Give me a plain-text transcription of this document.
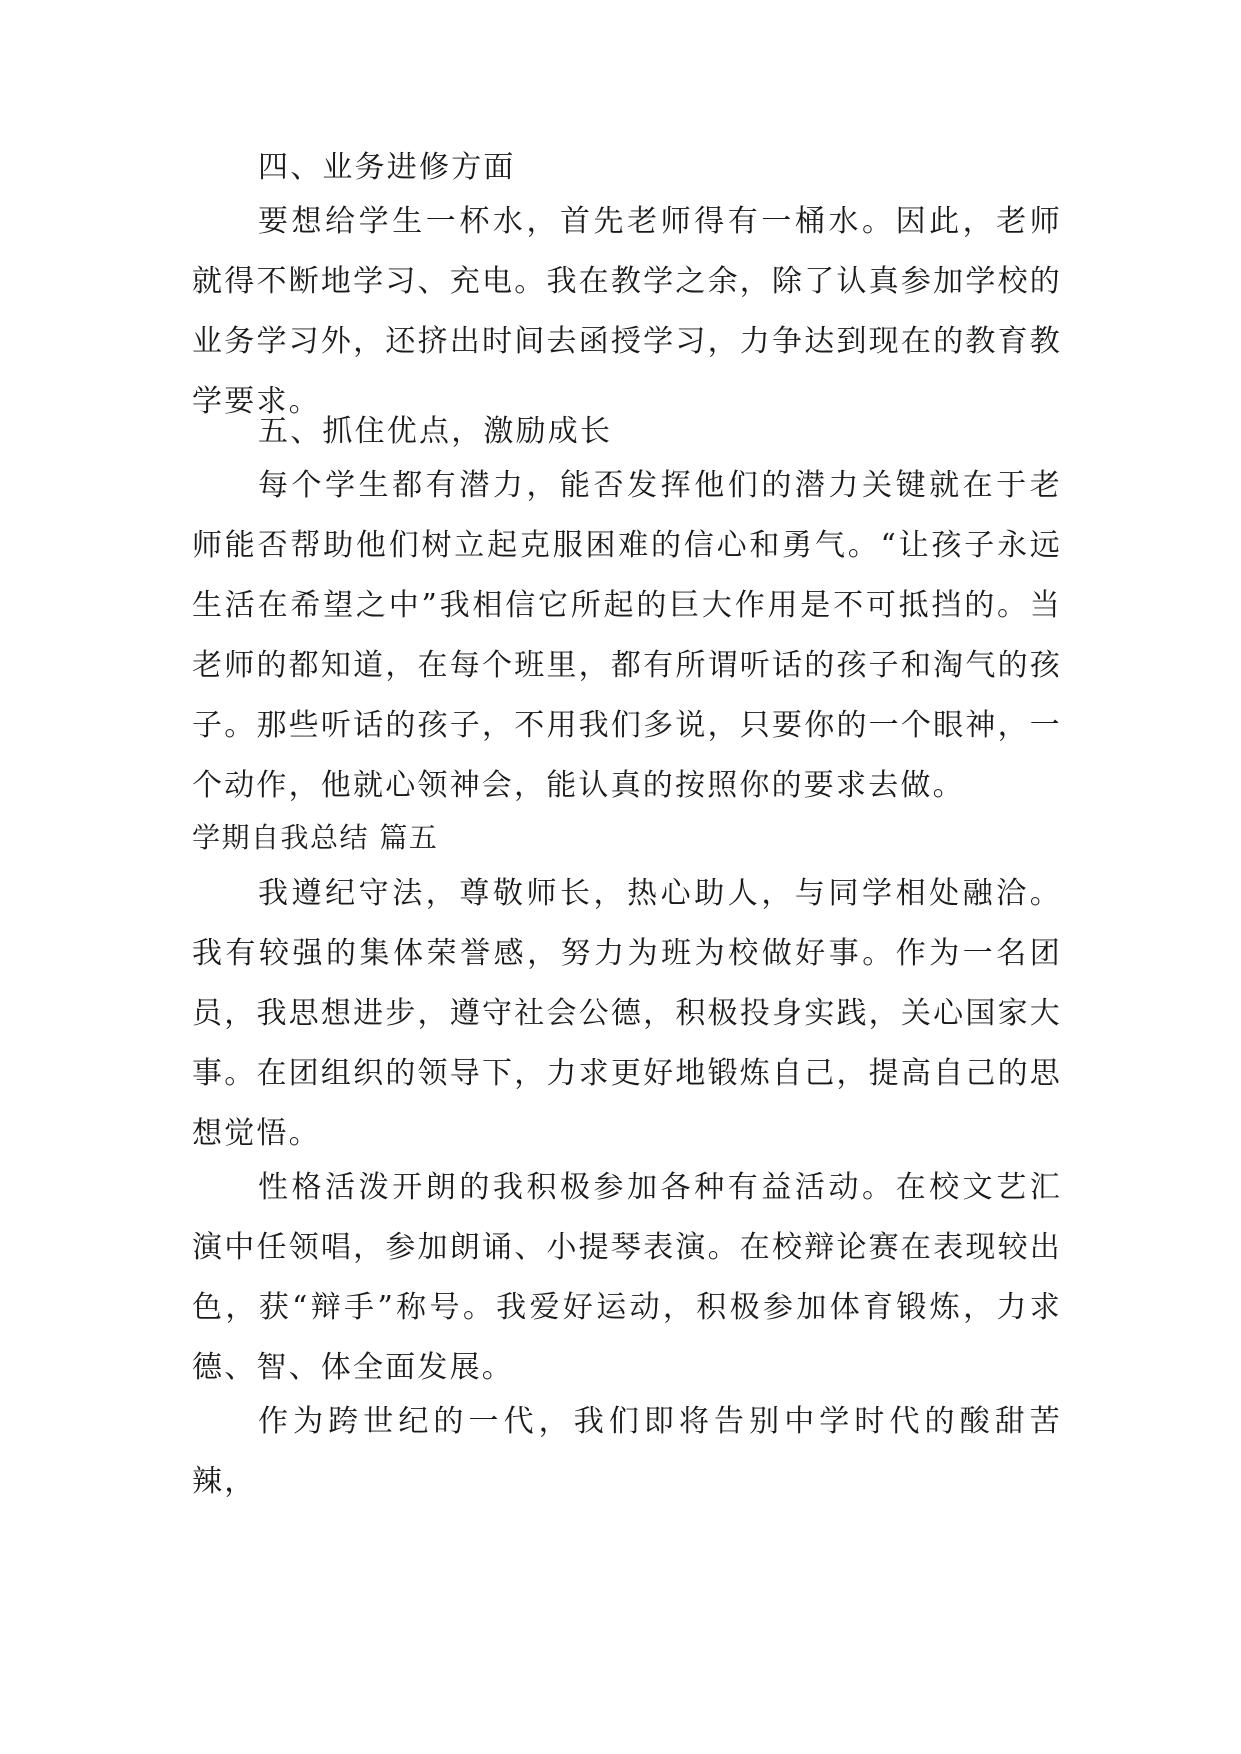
四、业务进修方面

要想给学生一杯水，首先老师得有一桶水。因此，老师就得不断地学习、充电。我在教学之余，除了认真参加学校的业务学习外，还挤出时间去函授学习，力争达到现在的教育教学要求。

五、抓住优点，激励成长

每个学生都有潜力，能否发挥他们的潜力关键就在于老师能否帮助他们树立起克服困难的信心和勇气。“让孩子永远生活在希望之中”我相信它所起的巨大作用是不可抵挡的。当老师的都知道，在每个班里，都有所谓听话的孩子和淘气的孩子。那些听话的孩子，不用我们多说，只要你的一个眼神，一个动作，他就心领神会，能认真的按照你的要求去做。

学期自我总结 篇五

我遵纪守法，尊敬师长，热心助人，与同学相处融洽。我有较强的集体荣誉感，努力为班为校做好事。作为一名团员，我思想进步，遵守社会公德，积极投身实践，关心国家大事。在团组织的领导下，力求更好地锻炼自己，提高自己的思想觉悟。

性格活泼开朗的我积极参加各种有益活动。在校文艺汇演中任领唱，参加朗诵、小提琴表演。在校辩论赛在表现较出色，获“辩手”称号。我爱好运动，积极参加体育锻炼，力求德、智、体全面发展。

作为跨世纪的一代，我们即将告别中学时代的酸甜苦辣，
